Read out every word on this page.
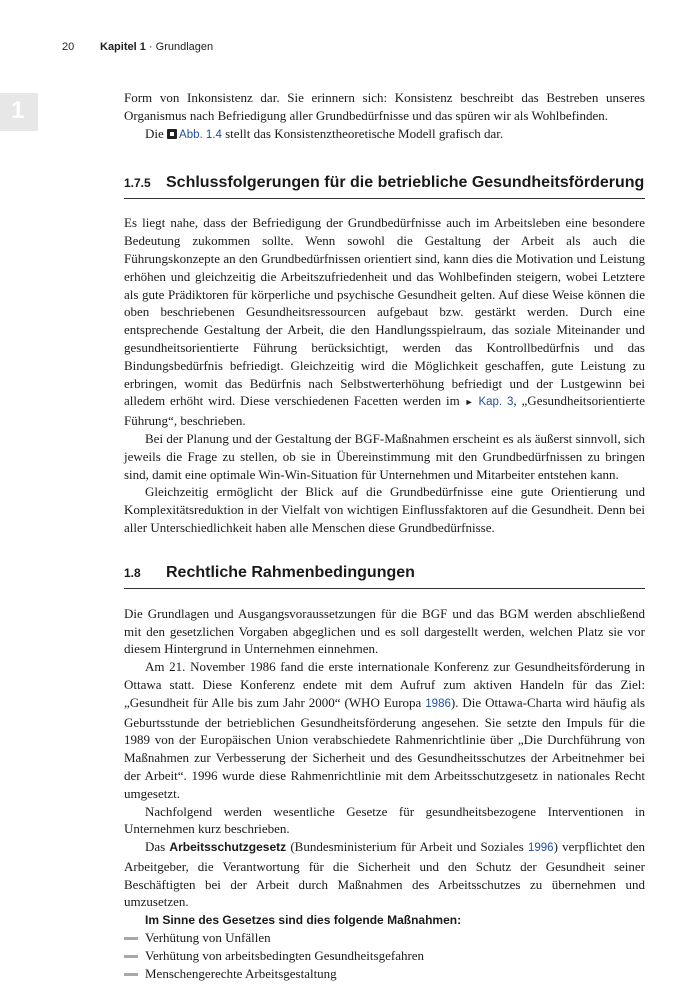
20 Kapitel 1 · Grundlagen
1	Form von Inkonsistenz dar. Sie erinnern sich: Konsistenz beschreibt das Bestreben unseres Organismus nach Befriedigung aller Grundbedürfnisse und das spüren wir als Wohlbefinden.

Die Abb. 1.4 stellt das Konsistenztheoretische Modell grafisch dar.

1.7.5 Schlussfolgerungen für die betriebliche Gesundheitsförderung

Es liegt nahe, dass der Befriedigung der Grundbedürfnisse auch im Arbeitsleben eine besondere Bedeutung zukommen sollte. Wenn sowohl die Gestaltung der Arbeit als auch die Führungskonzepte an den Grundbedürfnissen orientiert sind, kann dies die Motivation und Leistung erhöhen und gleichzeitig die Arbeitszufriedenheit und das Wohlbefinden steigern, wobei Letztere als gute Prädiktoren für körperliche und psychische Gesundheit gelten. Auf diese Weise können die oben beschriebenen Gesundheitsressourcen aufgebaut bzw. gestärkt werden. Durch eine entsprechende Gestaltung der Arbeit, die den Handlungsspielraum, das soziale Miteinander und gesundheitsorientierte Führung berücksichtigt, werden das Kontrollbedürfnis und das Bindungsbedürfnis befriedigt. Gleichzeitig wird die Möglichkeit geschaffen, gute Leistung zu erbringen, womit das Bedürfnis nach Selbstwerterhöhung befriedigt und der Lustgewinn bei alledem erhöht wird. Diese verschiedenen Facetten werden im ► Kap. 3, „Gesundheitsorientierte Führung“, beschrieben.

Bei der Planung und der Gestaltung der BGF-Maßnahmen erscheint es als äußerst sinnvoll, sich jeweils die Frage zu stellen, ob sie in Übereinstimmung mit den Grundbedürfnissen zu bringen sind, damit eine optimale Win-Win-Situation für Unternehmen und Mitarbeiter entstehen kann.

Gleichzeitig ermöglicht der Blick auf die Grundbedürfnisse eine gute Orientierung und Komplexitätsreduktion in der Vielfalt von wichtigen Einflussfaktoren auf die Gesundheit. Denn bei aller Unterschiedlichkeit haben alle Menschen diese Grundbedürfnisse.

1.8	Rechtliche Rahmenbedingungen

Die Grundlagen und Ausgangsvoraussetzungen für die BGF und das BGM werden abschließend mit den gesetzlichen Vorgaben abgeglichen und es soll dargestellt werden, welchen Platz sie vor diesem Hintergrund in Unternehmen einnehmen.

Am 21. November 1986 fand die erste internationale Konferenz zur Gesundheitsförderung in Ottawa statt. Diese Konferenz endete mit dem Aufruf zum aktiven Handeln für das Ziel: „Gesundheit für Alle bis zum Jahr 2000“ (WHO Europa 1986). Die Ottawa-Charta wird häufig als Geburtsstunde der betrieblichen Gesundheitsförderung angesehen. Sie setzte den Impuls für die 1989 von der Europäischen Union verabschiedete Rahmenrichtlinie über „Die Durchführung von Maßnahmen zur Verbesserung der Sicherheit und des Gesundheitsschutzes der Arbeitnehmer bei der Arbeit“. 1996 wurde diese Rahmenrichtlinie mit dem Arbeitsschutzgesetz in nationales Recht umgesetzt.

Nachfolgend werden wesentliche Gesetze für gesundheitsbezogene Interventionen in Unternehmen kurz beschrieben.

Das Arbeitsschutzgesetz (Bundesministerium für Arbeit und Soziales 1996) verpflichtet den Arbeitgeber, die Verantwortung für die Sicherheit und den Schutz der Gesundheit seiner Beschäftigten bei der Arbeit durch Maßnahmen des Arbeitsschutzes zu übernehmen und umzusetzen.

Im Sinne des Gesetzes sind dies folgende Maßnahmen:
Verhütung von Unfällen
Verhütung von arbeitsbedingten Gesundheitsgefahren
Menschengerechte Arbeitsgestaltung
